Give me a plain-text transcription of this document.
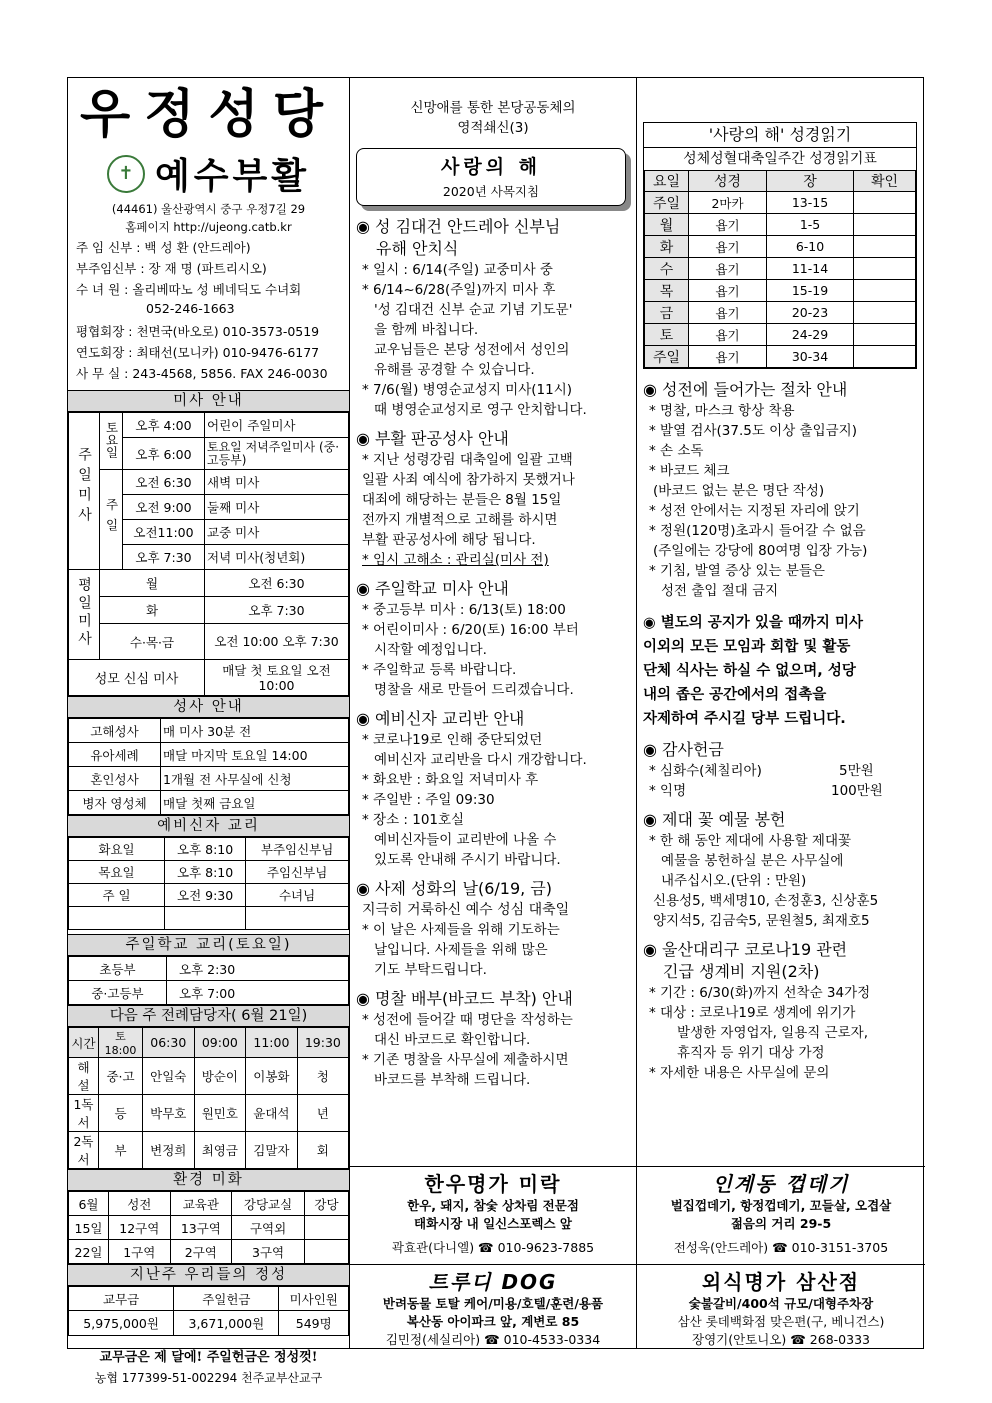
우정성당
✝ 예수부활
(44461) 울산광역시 중구 우정7길 29
홈페이지 http://ujeong.catb.kr
주 임 신부 : 백 성 환 (안드레아)
부주임신부 : 장 재 명 (파트리시오)
수 녀 원 : 올리베따노 성 베네딕도 수녀회
052-246-1663
평협회장 : 천면국(바오로) 010-3573-0519
연도회장 : 최태선(모니카) 010-9476-6177
사 무 실 : 243-4568, 5856. FAX 246-0030
미사 안내
주일미사	토요일	오후 4:00	어린이 주일미사
		오후 6:00	토요일 저녁주일미사 (중·고등부)
	주일	오전 6:30	새벽 미사
		오전 9:00	둘째 미사
		오전11:00	교중 미사
		오후 7:30	저녁 미사(청년회)
평일미사	월		오전 6:30
	화		오후 7:30
	수·목·금		오전 10:00 오후 7:30
성모 신심 미사			매달 첫 토요일 오전 10:00
성사 안내
고해성사	매 미사 30분 전
유아세례	매달 마지막 토요일 14:00
혼인성사	1개월 전 사무실에 신청
병자 영성체	매달 첫째 금요일
예비신자 교리
화요일	오후 8:10	부주임신부님
목요일	오후 8:10	주임신부님
주 일	오전 9:30	수녀님

주일학교 교리(토요일)
초등부	오후 2:30
중·고등부	오후 7:00
다음 주 전례담당자( 6월 21일)
시간	토18:00	06:30	09:00	11:00	19:30
해 설	중·고	안일숙	방순이	이봉화	청
1독서	등	박무호	원민호	윤대석	년
2독서	부	변정희	최영금	김말자	회
환경 미화
6월	성전	교육관	강당교실	강당
15일	12구역	13구역	구역외	
22일	1구역	2구역	3구역	
지난주 우리들의 정성
교무금	주일헌금	미사인원
5,975,000원	3,671,000원	549명
교무금은 제 달에! 주일헌금은 정성껏!
농협 177399-51-002294 천주교부산교구
신망애를 통한 본당공동체의
영적쇄신(3)
사랑의 해
2020년 사목지침
◉ 성 김대건 안드레아 신부님
유해 안치식
* 일시 : 6/14(주일) 교중미사 중
* 6/14~6/28(주일)까지 미사 후
'성 김대건 신부 순교 기념 기도문'
을 함께 바칩니다.
교우님들은 본당 성전에서 성인의
유해를 공경할 수 있습니다.
* 7/6(월) 병영순교성지 미사(11시)
때 병영순교성지로 영구 안치합니다.
◉ 부활 판공성사 안내
* 지난 성령강림 대축일에 일괄 고백
일괄 사죄 예식에 참가하지 못했거나
대죄에 해당하는 분들은 8월 15일
전까지 개별적으로 고해를 하시면
부활 판공성사에 해당 됩니다.
* 임시 고해소 : 관리실(미사 전)
◉ 주일학교 미사 안내
* 중고등부 미사 : 6/13(토) 18:00
* 어린이미사 : 6/20(토) 16:00 부터
시작할 예정입니다.
* 주일학교 등록 바랍니다.
명찰을 새로 만들어 드리겠습니다.
◉ 예비신자 교리반 안내
* 코로나19로 인해 중단되었던
예비신자 교리반을 다시 개강합니다.
* 화요반 : 화요일 저녁미사 후
* 주일반 : 주일 09:30
* 장소 : 101호실
예비신자들이 교리반에 나올 수
있도록 안내해 주시기 바랍니다.
◉ 사제 성화의 날(6/19, 금)
지극히 거룩하신 예수 성심 대축일
* 이 날은 사제들을 위해 기도하는
날입니다. 사제들을 위해 많은
기도 부탁드립니다.
◉ 명찰 배부(바코드 부착) 안내
* 성전에 들어갈 때 명단을 작성하는
대신 바코드로 확인합니다.
* 기존 명찰을 사무실에 제출하시면
바코드를 부착해 드립니다.
한우명가 미락
한우, 돼지, 참숯 상차림 전문점
태화시장 내 일신스포렉스 앞
곽효관(다니엘) ☎ 010-9623-7885
트루디 DOG
반려동물 토탈 케어/미용/호텔/훈련/용품
복산동 아이파크 앞, 계변로 85
김민정(세실리아) ☎ 010-4533-0334
'사랑의 해' 성경읽기
성체성혈대축일주간 성경읽기표
요일	성경	장	확인
주일	2마카	13-15	
월	욥기	1-5	
화	욥기	6-10	
수	욥기	11-14	
목	욥기	15-19	
금	욥기	20-23	
토	욥기	24-29	
주일	욥기	30-34	
◉ 성전에 들어가는 절차 안내
* 명찰, 마스크 항상 착용
* 발열 검사(37.5도 이상 출입금지)
* 손 소독
* 바코드 체크
(바코드 없는 분은 명단 작성)
* 성전 안에서는 지정된 자리에 앉기
* 정원(120명)초과시 들어갈 수 없음
(주일에는 강당에 80여명 입장 가능)
* 기침, 발열 증상 있는 분들은
성전 출입 절대 금지
◉ 별도의 공지가 있을 때까지 미사
이외의 모든 모임과 회합 및 활동
단체 식사는 하실 수 없으며, 성당
내의 좁은 공간에서의 접촉을
자제하여 주시길 당부 드립니다.
◉ 감사헌금
* 심화수(체칠리아)	5만원
* 익명	100만원
◉ 제대 꽃 예물 봉헌
* 한 해 동안 제대에 사용할 제대꽃
예물을 봉헌하실 분은 사무실에
내주십시오.(단위 : 만원)
신용성5, 백세명10, 손정훈3, 신상훈5
양지석5, 김금숙5, 문원철5, 최재호5
◉ 울산대리구 코로나19 관련
긴급 생계비 지원(2차)
* 기간 : 6/30(화)까지 선착순 34가정
* 대상 : 코로나19로 생계에 위기가
발생한 자영업자, 일용직 근로자,
휴직자 등 위기 대상 가정
* 자세한 내용은 사무실에 문의
인계동 껍데기
벌집껍데기, 항정껍데기, 꼬들살, 오겹살
젊음의 거리 29-5
전성욱(안드레아) ☎ 010-3151-3705
외식명가 삼산점
숯불갈비/400석 규모/대형주차장
삼산 롯데백화점 맞은편(구, 베니건스)
장영기(안토니오) ☎ 268-0333
